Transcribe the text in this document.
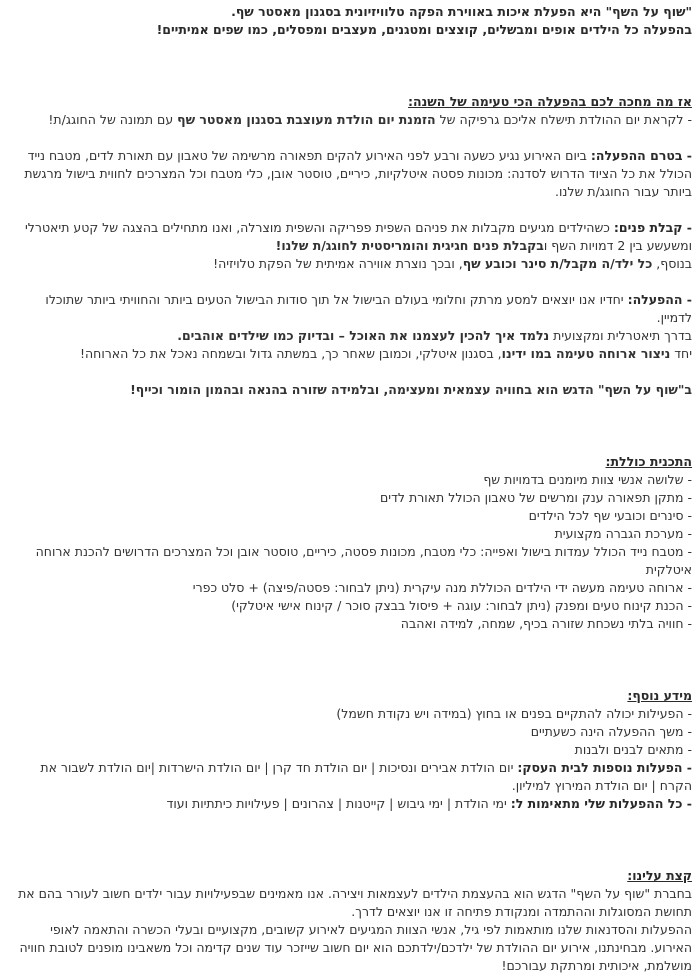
"שוף על השף" היא הפעלת איכות באווירת הפקה טלוויזיונית בסגנון מאסטר שף.

בהפעלה כל הילדים אופים ומבשלים, קוצצים ומטגנים, מעצבים ומפסלים, כמו שפים אמיתיים!

אז מה מחכה לכם בהפעלה הכי טעימה של השנה:

- לקראת יום ההולדת תישלח אליכם גרפיקה של הזמנת יום הולדת מעוצבת בסגנון מאסטר שף עם תמונה של החוגג/ת!

- בטרם ההפעלה: ביום האירוע נגיע כשעה ורבע לפני האירוע להקים תפאורה מרשימה של טאבון עם תאורת לדים, מטבח נייד הכולל את כל הציוד הדרוש לסדנה: מכונות פסטה איטלקיות, כיריים, טוסטר אובן, כלי מטבח וכל המצרכים לחווית בישול מרגשת ביותר עבור החוגג/ת שלנו.

- קבלת פנים: כשהילדים מגיעים מקבלות את פניהם השפית פפריקה והשפית מוצרלה, ואנו מתחילים בהצגה של קטע תיאטרלי ומשעשע בין 2 דמויות השף ובקבלת פנים חגיגית והומריסטית לחוגג/ת שלנו!

בנוסף, כל ילד/ה מקבל/ת סינר וכובע שף, ובכך נוצרת אווירה אמיתית של הפקת טלויזיה!

- ההפעלה: יחדיו אנו יוצאים למסע מרתק וחלומי בעולם הבישול אל תוך סודות הבישול הטעים ביותר והחוויתי ביותר שתוכלו לדמיין.

בדרך תיאטרלית ומקצועית נלמד איך להכין לעצמנו את האוכל – ובדיוק כמו שילדים אוהבים.

יחד ניצור ארוחה טעימה במו ידינו, בסגנון איטלקי, וכמובן שאחר כך, במשתה גדול ובשמחה נאכל את כל הארוחה!

ב"שוף על השף" הדגש הוא בחוויה עצמאית ומעצימה, ובלמידה שזורה בהנאה ובהמון הומור וכייף!

התכנית כוללת:

- שלושה אנשי צוות מיומנים בדמויות שף
- מתקן תפאורה ענק ומרשים של טאבון הכולל תאורת לדים
- סינרים וכובעי שף לכל הילדים
- מערכת הגברה מקצועית
- מטבח נייד הכולל עמדות בישול ואפייה: כלי מטבח, מכונות פסטה, כיריים, טוסטר אובן וכל המצרכים הדרושים להכנת ארוחה איטלקית
- ארוחה טעימה מעשה ידי הילדים הכוללת מנה עיקרית (ניתן לבחור: פסטה/פיצה) + סלט כפרי
- הכנת קינוח טעים ומפנק (ניתן לבחור: עוגה + פיסול בבצק סוכר / קינוח אישי איטלקי)
- חוויה בלתי נשכחת שזורה בכיף, שמחה, למידה ואהבה

מידע נוסף:

- הפעילות יכולה להתקיים בפנים או בחוץ (במידה ויש נקודת חשמל)
- משך ההפעלה הינה כשעתיים
- מתאים לבנים ולבנות
- הפעלות נוספות לבית העסק: יום הולדת אבירים ונסיכות | יום הולדת חד קרן | יום הולדת הישרדות |יום הולדת לשבור את הקרח | יום הולדת המירוץ למיליון.
- כל ההפעלות שלי מתאימות ל: ימי הולדת | ימי גיבוש | קייטנות | צהרונים | פעילויות כיתתיות ועוד

קצת עלינו:

בחברת "שוף על השף" הדגש הוא בהעצמת הילדים לעצמאות ויצירה. אנו מאמינים שבפעילויות עבור ילדים חשוב לעורר בהם את תחושת המסוגלות וההתמדה ומנקודת פתיחה זו אנו יוצאים לדרך.

ההפעלות והסדנאות שלנו מותאמות לפי גיל, אנשי הצוות המגיעים לאירוע קשובים, מקצועיים ובעלי הכשרה והתאמה לאופי האירוע. מבחינתנו, אירוע יום ההולדת של ילדכם/ילדתכם הוא יום חשוב שייזכר עוד שנים קדימה וכל משאבינו מופנים לטובת חוויה מושלמת, איכותית ומרתקת עבורכם!
